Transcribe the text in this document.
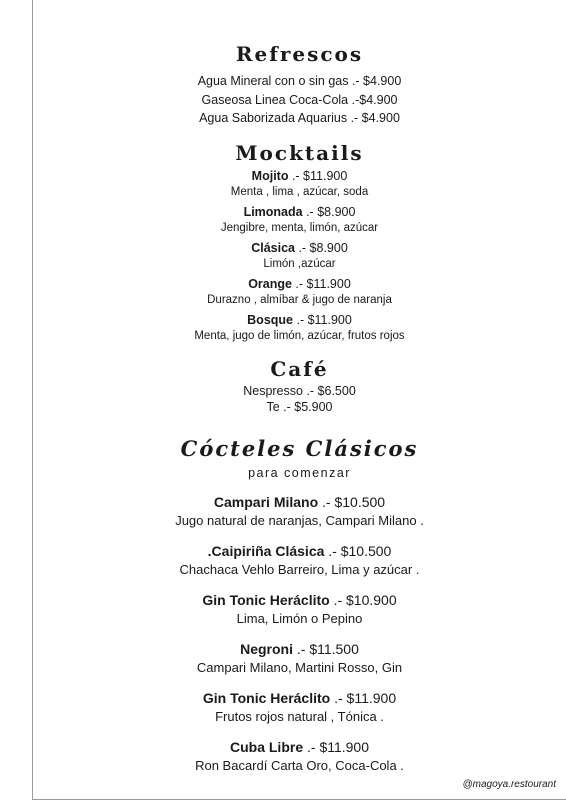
Refrescos
Agua Mineral con o sin gas .- $4.900
Gaseosa Linea Coca-Cola .-$4.900
Agua Saborizada Aquarius .- $4.900
Mocktails
Mojito .- $11.900
Menta , lima , azúcar, soda
Limonada .- $8.900
Jengibre, menta, limón, azúcar
Clásica .- $8.900
Limón ,azúcar
Orange .- $11.900
Durazno , almíbar & jugo de naranja
Bosque .- $11.900
Menta, jugo de limón, azúcar, frutos rojos
Café
Nespresso .- $6.500
Te .- $5.900
Cócteles Clásicos
para comenzar
Campari Milano .- $10.500
Jugo natural de naranjas, Campari Milano .
.Caipiriña Clásica .- $10.500
Chachaca Vehlo Barreiro, Lima y azúcar .
Gin Tonic Heráclito .- $10.900
Lima, Limón o Pepino
Negroni .- $11.500
Campari Milano, Martini Rosso, Gin
Gin Tonic Heráclito .- $11.900
Frutos rojos natural , Tónica .
Cuba Libre .- $11.900
Ron Bacardí Carta Oro, Coca-Cola .
@magoya.restourant
